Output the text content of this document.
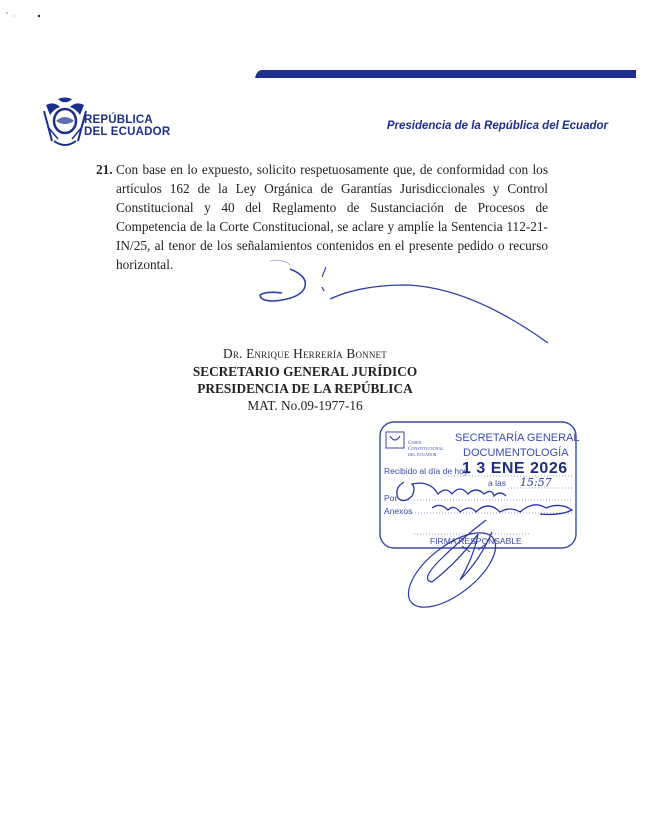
REPÚBLICA
DEL ECUADOR	Presidencia de la República del Ecuador

21. Con base en lo expuesto, solicito respetuosamente que, de conformidad con los artículos 162 de la Ley Orgánica de Garantías Jurisdiccionales y Control Constitucional y 40 del Reglamento de Sustanciación de Procesos de Competencia de la Corte Constitucional, se aclare y amplíe la Sentencia 112-21-IN/25, al tenor de los señalamientos contenidos en el presente pedido o recurso horizontal.

Dr. Enrique Herrería Bonnet
SECRETARIO GENERAL JURÍDICO
PRESIDENCIA DE LA REPÚBLICA
MAT. No.09-1977-16
Corte
Constitucional
del ecuador
SECRETARÍA GENERAL
DOCUMENTOLOGÍA
Recibido al día de hoy.
1 3 ENE 2026
a las 15:57
Por
Anexos
FIRMA RESPONSABLE
